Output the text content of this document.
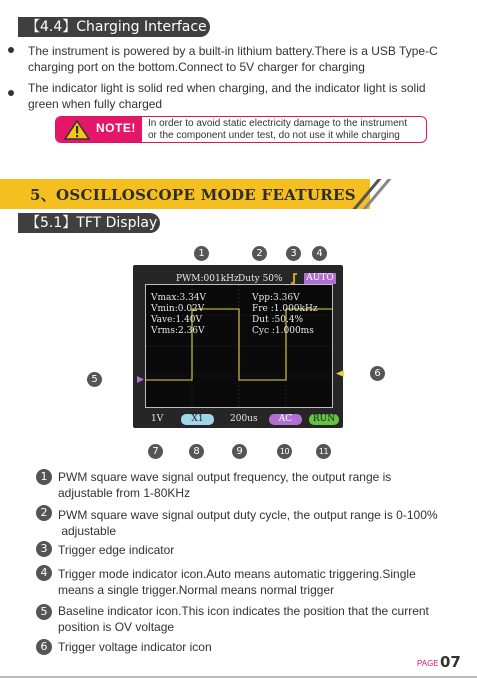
【4.4】Charging Interface
The instrument is powered by a built-in lithium battery.There is a USB Type-C
charging port on the bottom.Connect to 5V charger for charging
The indicator light is solid red when charging, and the indicator light is solid
green when fully charged
NOTE! In order to avoid static electricity damage to the instrument
or the component under test, do not use it while charging
5、OSCILLOSCOPE MODE FEATURES
【5.1】TFT Display
1	2	3	4
PWM:001kHz Duty 50%	AUTO
Vmax:3.34V
Vmin:0.02V
Vave:1.40V
Vrms:2.36V
Vpp:3.36V
Fre :1.000kHz
Dut :50.4%
Cyc :1.000ms
1V	X1	200us	AC	RUN
5
6
7	8	9	10	11
1 PWM square wave signal output frequency, the output range is
adjustable from 1-80KHz
2 PWM square wave signal output duty cycle, the output range is 0-100%
adjustable
3 Trigger edge indicator
4 Trigger mode indicator icon.Auto means automatic triggering.Single
means a single trigger.Normal means normal trigger
5 Baseline indicator icon.This icon indicates the position that the current
position is OV voltage
6 Trigger voltage indicator icon
PAGE 07
